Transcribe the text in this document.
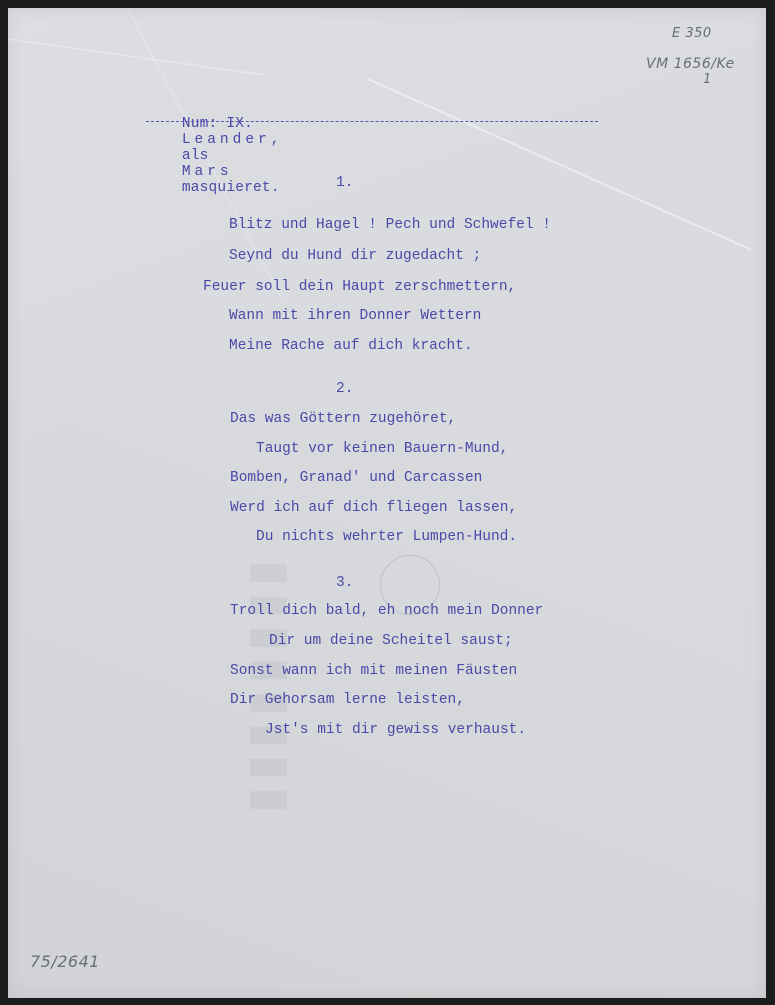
▮▮▮▮▮▮▮▮
E 350
VM 1656/Ke
1
75/2641

Num: IX.
Leander,
als
Mars
masquieret.	1.
Blitz und Hagel ! Pech und Schwefel !
Seynd du Hund dir zugedacht ;
Feuer soll dein Haupt zerschmettern,
Wann mit ihren Donner Wettern
Meine Rache auf dich kracht.
2.
Das was Göttern zugehöret,
Taugt vor keinen Bauern-Mund,
Bomben, Granad' und Carcassen
Werd ich auf dich fliegen lassen,
Du nichts wehrter Lumpen-Hund.
3.
Troll dich bald, eh noch mein Donner
Dir um deine Scheitel saust;
Sonst wann ich mit meinen Fäusten
Dir Gehorsam lerne leisten,
Jst's mit dir gewiss verhaust.
